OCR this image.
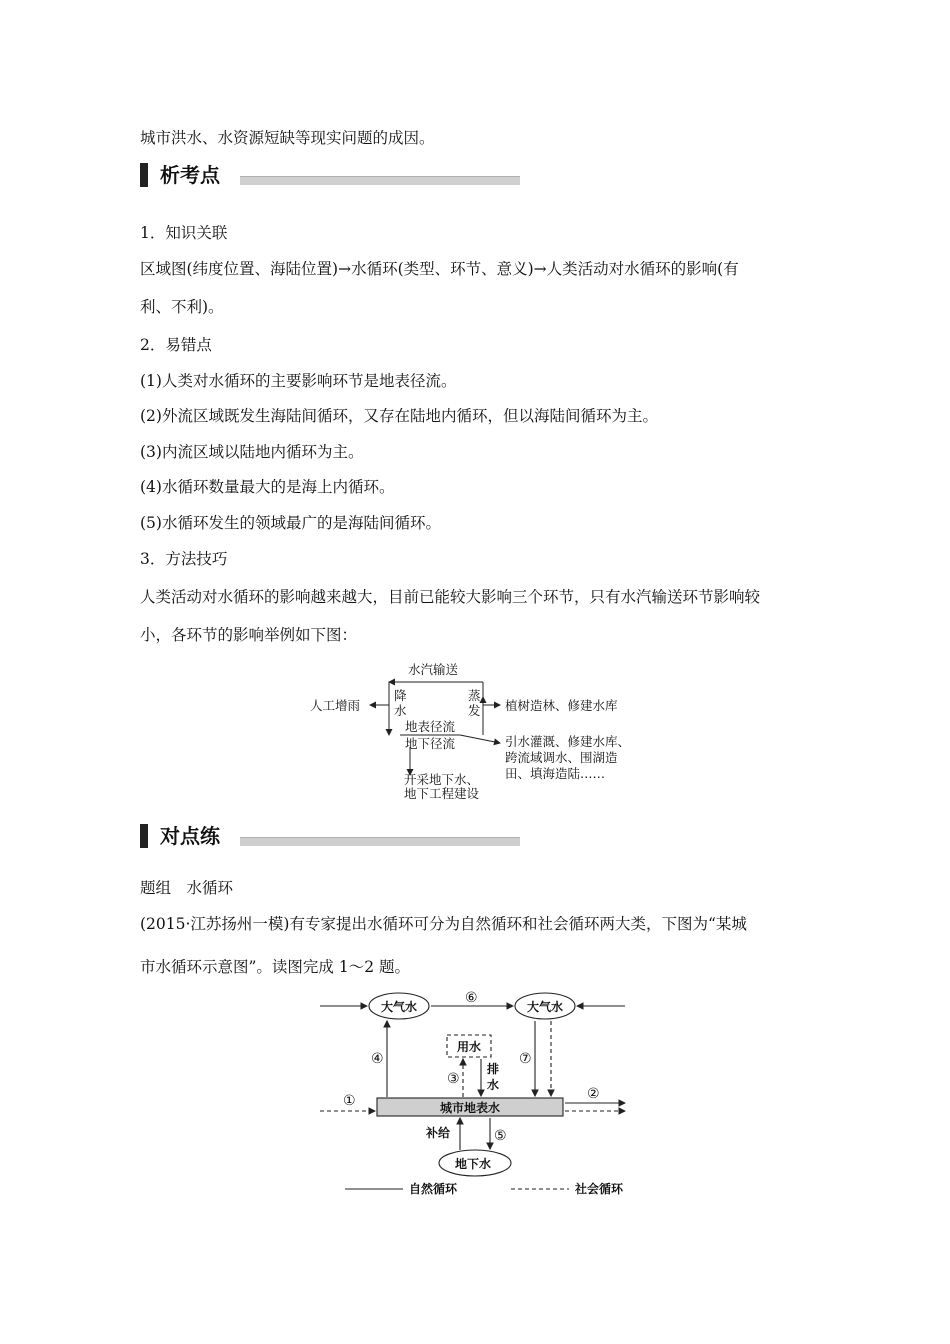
城市洪水、水资源短缺等现实问题的成因。
析考点
1．知识关联
区域图(纬度位置、海陆位置)→水循环(类型、环节、意义)→人类活动对水循环的影响(有
利、不利)。
2．易错点
(1)人类对水循环的主要影响环节是地表径流。
(2)外流区域既发生海陆间循环，又存在陆地内循环，但以海陆间循环为主。
(3)内流区域以陆地内循环为主。
(4)水循环数量最大的是海上内循环。
(5)水循环发生的领域最广的是海陆间循环。
3．方法技巧
人类活动对水循环的影响越来越大，目前已能较大影响三个环节，只有水汽输送环节影响较
小，各环节的影响举例如下图：
水汽输送
人工增雨
降
水
蒸
发 植树造林、修建水库
地表径流
地下径流	引水灌溉、修建水库、
跨流域调水、围湖造
田、填海造陆……
开采地下水、
地下工程建设
对点练
题组　水循环
(2015·江苏扬州一模)有专家提出水循环可分为自然循环和社会循环两大类，下图为“某城
市水循环示意图”。读图完成 1～2 题。
大气水	大气水
用水
排
水
城市地表水
地下水
补给
自然循环	社会循环
①	②
③
④
⑤
⑥
⑦
